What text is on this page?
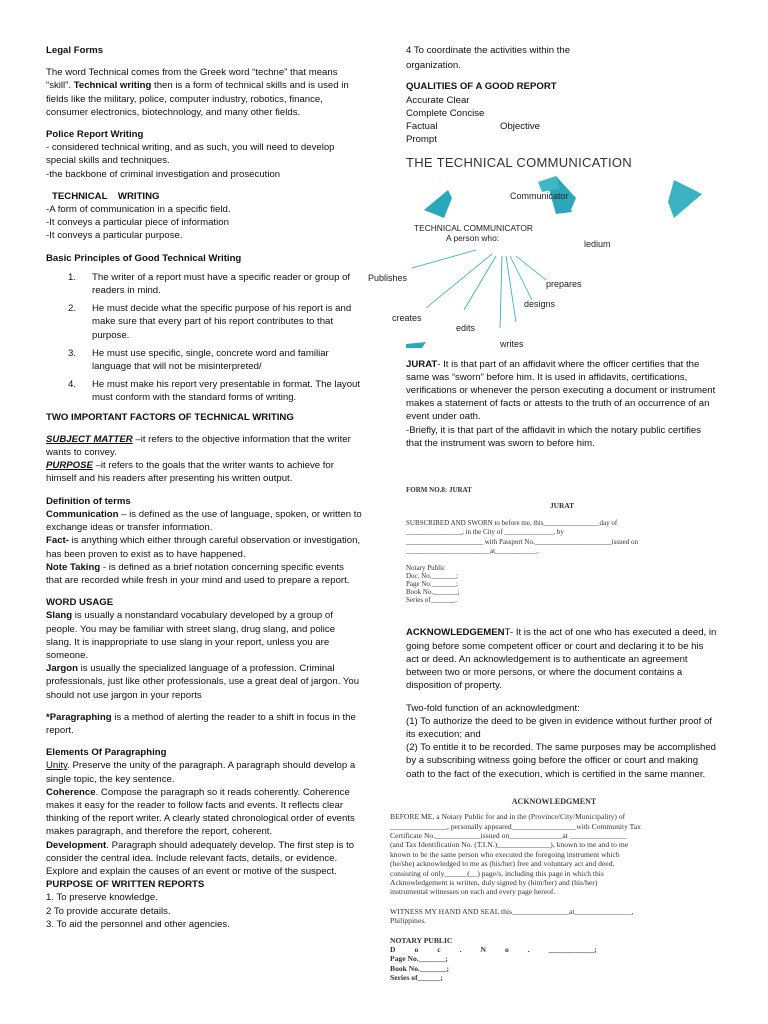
Legal Forms

The word Technical comes from the Greek word “techne” that means “skill”. Technical writing then is a form of technical skills and is used in fields like the military, police, computer industry, robotics, finance, consumer electronics, biotechnology, and many other fields.

Police Report Writing

- considered technical writing, and as such, you will need to develop special skills and techniques.

-the backbone of criminal investigation and prosecution

TECHNICAL    WRITING

-A form of communication in a specific field.

-It conveys a particular piece of information

-It conveys a particular purpose.

Basic Principles of Good Technical Writing

1. The writer of a report must have a specific reader or group of readers in mind.
2. He must decide what the specific purpose of his report is and make sure that every part of his report contributes to that purpose.
3. He must use specific, single, concrete word and familiar language that will not be misinterpreted/
4. He must make his report very presentable in format. The layout must conform with the standard forms of writing.

TWO IMPORTANT FACTORS OF TECHNICAL WRITING

SUBJECT MATTER –it refers to the objective information that the writer wants to convey.

PURPOSE –it refers to the goals that the writer wants to achieve for himself and his readers after presenting his written output.

Definition of terms

Communication – is defined as the use of language, spoken, or written to exchange ideas or transfer information.

Fact- is anything which either through careful observation or investigation, has been proven to exist as to have happened.

Note Taking - is defined as a brief notation concerning specific events that are recorded while fresh in your mind and used to prepare a report.

WORD USAGE

Slang is usually a nonstandard vocabulary developed by a group of people. You may be familiar with street slang, drug slang, and police slang. It is inappropriate to use slang in your report, unless you are someone.

Jargon is usually the specialized language of a profession. Criminal professionals, just like other professionals, use a great deal of jargon. You should not use jargon in your reports

*Paragraphing is a method of alerting the reader to a shift in focus in the report.

Elements Of Paragraphing

Unity. Preserve the unity of the paragraph. A paragraph should develop a single topic, the key sentence.

Coherence. Compose the paragraph so it reads coherently. Coherence makes it easy for the reader to follow facts and events. It reflects clear thinking of the report writer. A clearly stated chronological order of events makes paragraph, and therefore the report, coherent.

Development. Paragraph should adequately develop. The first step is to consider the central idea. Include relevant facts, details, or evidence. Explore and explain the causes of an event or motive of the suspect.

PURPOSE OF WRITTEN REPORTS

1. To preserve knowledge.

2 To provide accurate details.

3. To aid the personnel and other agencies.

4 To coordinate the activities within the

organization.

QUALITIES OF A GOOD REPORT

Accurate Clear

Complete Concise

Factual	Objective

Prompt

THE TECHNICAL COMMUNICATION

Communicator
TECHNICAL COMMUNICATOR
A person who:
ledium
Publishes
prepares
designs
creates
edits
writes

JURAT- It is that part of an affidavit where the officer certifies that the same was “sworn” before him. It is used in affidavits, certifications, verifications or whenever the person executing a document or instrument makes a statement of facts or attests to the truth of an occurrence of an event under oath.

-Briefly, it is that part of the affidavit in which the notary public certifies that the instrument was sworn to before him.

FORM NO.8: JURAT
JURAT
SUBSCRIBED AND SWORN to before me, this________________day of
________________, in the City of ______________, by
______________________ with Passport No.______________________issued on
________________________at____________.
Notary Public
Doc. No._______;
Page No._______;
Book No._______;
Series of_______.

ACKNOWLEDGEMENT- It is the act of one who has executed a deed, in going before some competent officer or court and declaring it to be his act or deed. An acknowledgement is to authenticate an agreement between two or more persons, or where the document contains a disposition of property.

Two-fold function of an acknowledgment:

(1) To authorize the deed to be given in evidence without further proof of its execution; and

(2) To entitle it to be recorded. The same purposes may be accomplished by a subscribing witness going before the officer or court and making oath to the fact of the execution, which is certified in the same manner.

ACKNOWLEDGMENT
BEFORE ME, a Notary Public for and in the (Province/City/Municipality) of
_______________, personally appeared_________________with Community Tax
Certificate No.____________issued on______________at _______________
(and Tax Identification No. (T.I.N.)______________), known to me and to me
known to be the same person who executed the foregoing instrument which
(he/she) acknowledged to me as (his/her) free and voluntary act and deed,
consisting of only______(__) page/s, including this page in which this
Acknowledgement is written, duly signed by (him/her) and (his/her)
instrumental witnesses on each and every page hereof.
WITNESS MY HAND AND SEAL this_______________at_______________,
Philippines.
NOTARY PUBLIC
D          o          c          .          N          o          .          ____________;
Page No._______;
Book No._______;
Series of______;
